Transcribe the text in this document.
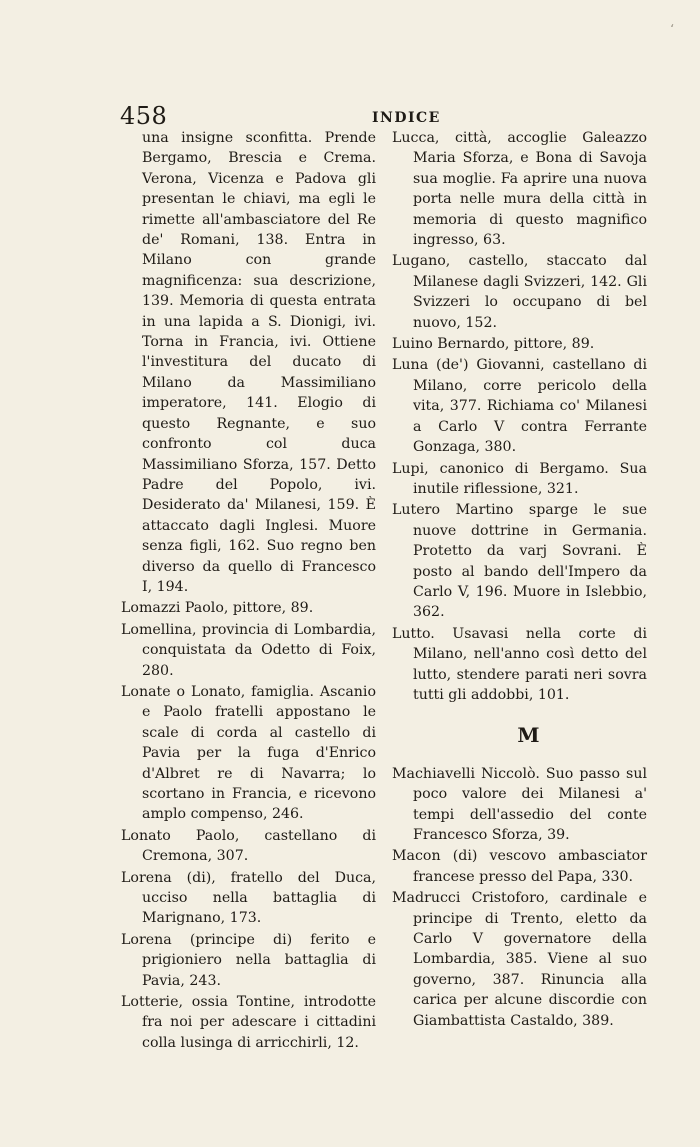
‘
458	INDICE

una insigne sconfitta. Prende Bergamo, Brescia e Crema. Verona, Vicenza e Padova gli presentan le chiavi, ma egli le rimette all'ambasciatore del Re de' Romani, 138. Entra in Milano con grande magnificenza: sua descrizione, 139. Memoria di questa entrata in una lapida a S. Dionigi, ivi. Torna in Francia, ivi. Ottiene l'investitura del ducato di Milano da Massimiliano imperatore, 141. Elogio di questo Regnante, e suo confronto col duca Massimiliano Sforza, 157. Detto Padre del Popolo, ivi. Desiderato da' Milanesi, 159. È attaccato dagli Inglesi. Muore senza figli, 162. Suo regno ben diverso da quello di Francesco I, 194.

Lomazzi Paolo, pittore, 89.

Lomellina, provincia di Lombardia, conquistata da Odetto di Foix, 280.

Lonate o Lonato, famiglia. Ascanio e Paolo fratelli appostano le scale di corda al castello di Pavia per la fuga d'Enrico d'Albret re di Navarra; lo scortano in Francia, e ricevono amplo compenso, 246.

Lonato Paolo, castellano di Cremona, 307.

Lorena (di), fratello del Duca, ucciso nella battaglia di Marignano, 173.

Lorena (principe di) ferito e prigioniero nella battaglia di Pavia, 243.

Lotterie, ossia Tontine, introdotte fra noi per adescare i cittadini colla lusinga di arricchirli, 12.

Lucca, città, accoglie Galeazzo Maria Sforza, e Bona di Savoja sua moglie. Fa aprire una nuova porta nelle mura della città in memoria di questo magnifico ingresso, 63.

Lugano, castello, staccato dal Milanese dagli Svizzeri, 142. Gli Svizzeri lo occupano di bel nuovo, 152.

Luino Bernardo, pittore, 89.

Luna (de') Giovanni, castellano di Milano, corre pericolo della vita, 377. Richiama co' Milanesi a Carlo V contra Ferrante Gonzaga, 380.

Lupi, canonico di Bergamo. Sua inutile riflessione, 321.

Lutero Martino sparge le sue nuove dottrine in Germania. Protetto da varj Sovrani. È posto al bando dell'Impero da Carlo V, 196. Muore in Islebbio, 362.

Lutto. Usavasi nella corte di Milano, nell'anno così detto del lutto, stendere parati neri sovra tutti gli addobbi, 101.

M

Machiavelli Niccolò. Suo passo sul poco valore dei Milanesi a' tempi dell'assedio del conte Francesco Sforza, 39.

Macon (di) vescovo ambasciator francese presso del Papa, 330.

Madrucci Cristoforo, cardinale e principe di Trento, eletto da Carlo V governatore della Lombardia, 385. Viene al suo governo, 387. Rinuncia alla carica per alcune discordie con Giambattista Castaldo, 389.
